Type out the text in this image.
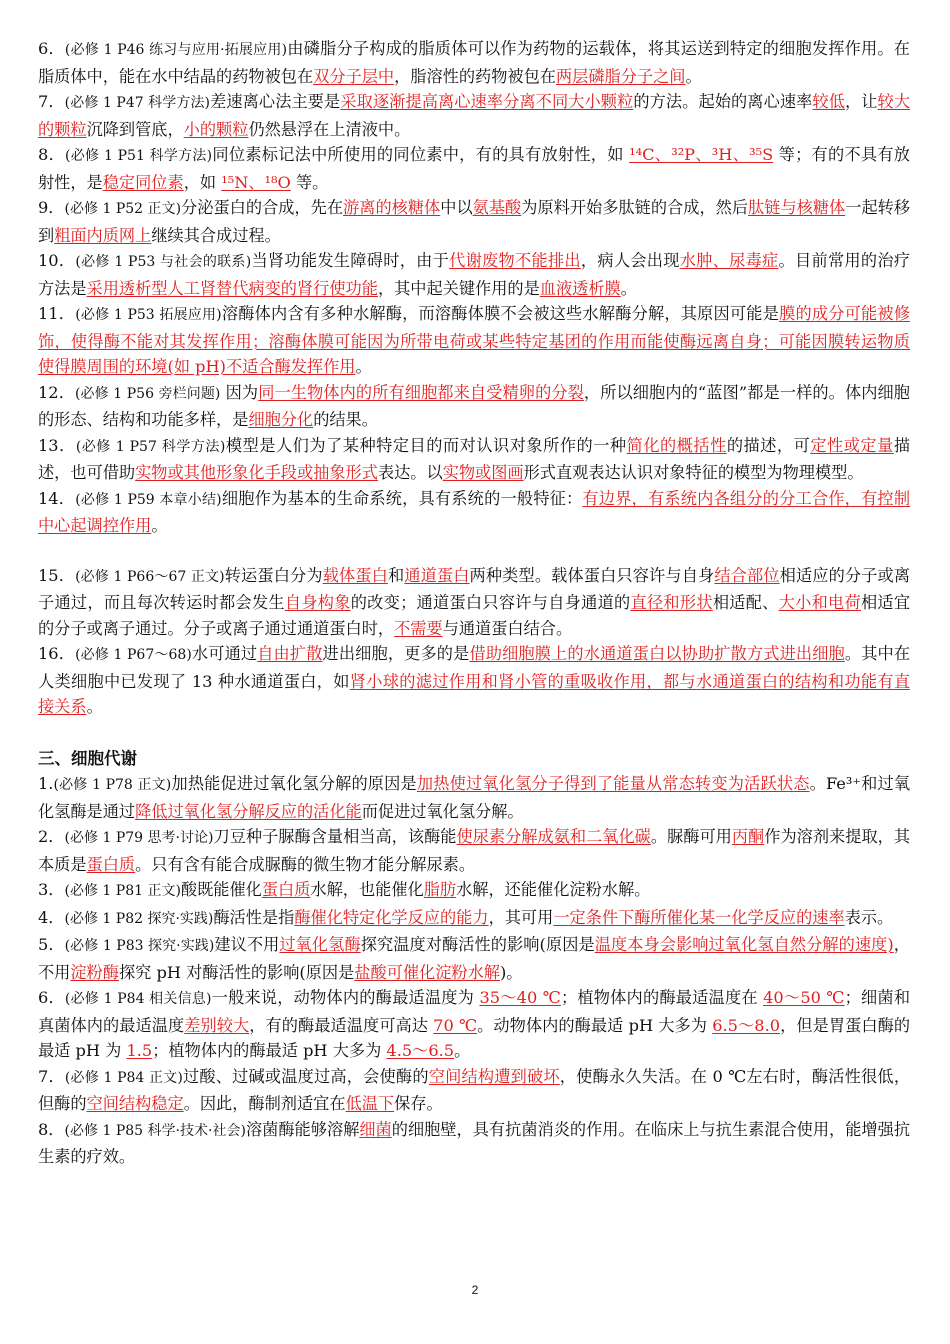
6．(必修 1 P46 练习与应用·拓展应用)由磷脂分子构成的脂质体可以作为药物的运载体，将其运送到特定的细胞发挥作用。在脂质体中，能在水中结晶的药物被包在双分子层中，脂溶性的药物被包在两层磷脂分子之间。

7．(必修 1 P47 科学方法)差速离心法主要是采取逐渐提高离心速率分离不同大小颗粒的方法。起始的离心速率较低，让较大的颗粒沉降到管底，小的颗粒仍然悬浮在上清液中。

8．(必修 1 P51 科学方法)同位素标记法中所使用的同位素中，有的具有放射性，如 ¹⁴C、³²P、³H、³⁵S 等；有的不具有放射性，是稳定同位素，如 ¹⁵N、¹⁸O 等。

9．(必修 1 P52 正文)分泌蛋白的合成，先在游离的核糖体中以氨基酸为原料开始多肽链的合成，然后肽链与核糖体一起转移到粗面内质网上继续其合成过程。

10．(必修 1 P53 与社会的联系)当肾功能发生障碍时，由于代谢废物不能排出，病人会出现水肿、尿毒症。目前常用的治疗方法是采用透析型人工肾替代病变的肾行使功能，其中起关键作用的是血液透析膜。

11．(必修 1 P53 拓展应用)溶酶体内含有多种水解酶，而溶酶体膜不会被这些水解酶分解，其原因可能是膜的成分可能被修饰，使得酶不能对其发挥作用；溶酶体膜可能因为所带电荷或某些特定基团的作用而能使酶远离自身；可能因膜转运物质使得膜周围的环境(如 pH)不适合酶发挥作用。

12．(必修 1 P56 旁栏问题) 因为同一生物体内的所有细胞都来自受精卵的分裂，所以细胞内的“蓝图”都是一样的。体内细胞的形态、结构和功能多样，是细胞分化的结果。

13．(必修 1 P57 科学方法)模型是人们为了某种特定目的而对认识对象所作的一种简化的概括性的描述，可定性或定量描述，也可借助实物或其他形象化手段或抽象形式表达。以实物或图画形式直观表达认识对象特征的模型为物理模型。

14．(必修 1 P59 本章小结)细胞作为基本的生命系统，具有系统的一般特征：有边界，有系统内各组分的分工合作，有控制中心起调控作用。

15．(必修 1 P66～67 正文)转运蛋白分为载体蛋白和通道蛋白两种类型。载体蛋白只容许与自身结合部位相适应的分子或离子通过，而且每次转运时都会发生自身构象的改变；通道蛋白只容许与自身通道的直径和形状相适配、大小和电荷相适宜的分子或离子通过。分子或离子通过通道蛋白时，不需要与通道蛋白结合。

16．(必修 1 P67～68)水可通过自由扩散进出细胞，更多的是借助细胞膜上的水通道蛋白以协助扩散方式进出细胞。其中在人类细胞中已发现了 13 种水通道蛋白，如肾小球的滤过作用和肾小管的重吸收作用，都与水通道蛋白的结构和功能有直接关系。

三、细胞代谢

1.(必修 1 P78 正文)加热能促进过氧化氢分解的原因是加热使过氧化氢分子得到了能量从常态转变为活跃状态。Fe³⁺和过氧化氢酶是通过降低过氧化氢分解反应的活化能而促进过氧化氢分解。

2．(必修 1 P79 思考·讨论)刀豆种子脲酶含量相当高，该酶能使尿素分解成氨和二氧化碳。脲酶可用丙酮作为溶剂来提取，其本质是蛋白质。只有含有能合成脲酶的微生物才能分解尿素。

3．(必修 1 P81 正文)酸既能催化蛋白质水解，也能催化脂肪水解，还能催化淀粉水解。

4．(必修 1 P82 探究·实践)酶活性是指酶催化特定化学反应的能力，其可用一定条件下酶所催化某一化学反应的速率表示。

5．(必修 1 P83 探究·实践)建议不用过氧化氢酶探究温度对酶活性的影响(原因是温度本身会影响过氧化氢自然分解的速度)，不用淀粉酶探究 pH 对酶活性的影响(原因是盐酸可催化淀粉水解)。

6．(必修 1 P84 相关信息)一般来说，动物体内的酶最适温度为 35～40 ℃；植物体内的酶最适温度在 40～50 ℃；细菌和真菌体内的最适温度差别较大，有的酶最适温度可高达 70 ℃。动物体内的酶最适 pH 大多为 6.5～8.0，但是胃蛋白酶的最适 pH 为 1.5；植物体内的酶最适 pH 大多为 4.5～6.5。

7．(必修 1 P84 正文)过酸、过碱或温度过高，会使酶的空间结构遭到破坏，使酶永久失活。在 0 ℃左右时，酶活性很低，但酶的空间结构稳定。因此，酶制剂适宜在低温下保存。

8．(必修 1 P85 科学·技术·社会)溶菌酶能够溶解细菌的细胞壁，具有抗菌消炎的作用。在临床上与抗生素混合使用，能增强抗生素的疗效。

2
